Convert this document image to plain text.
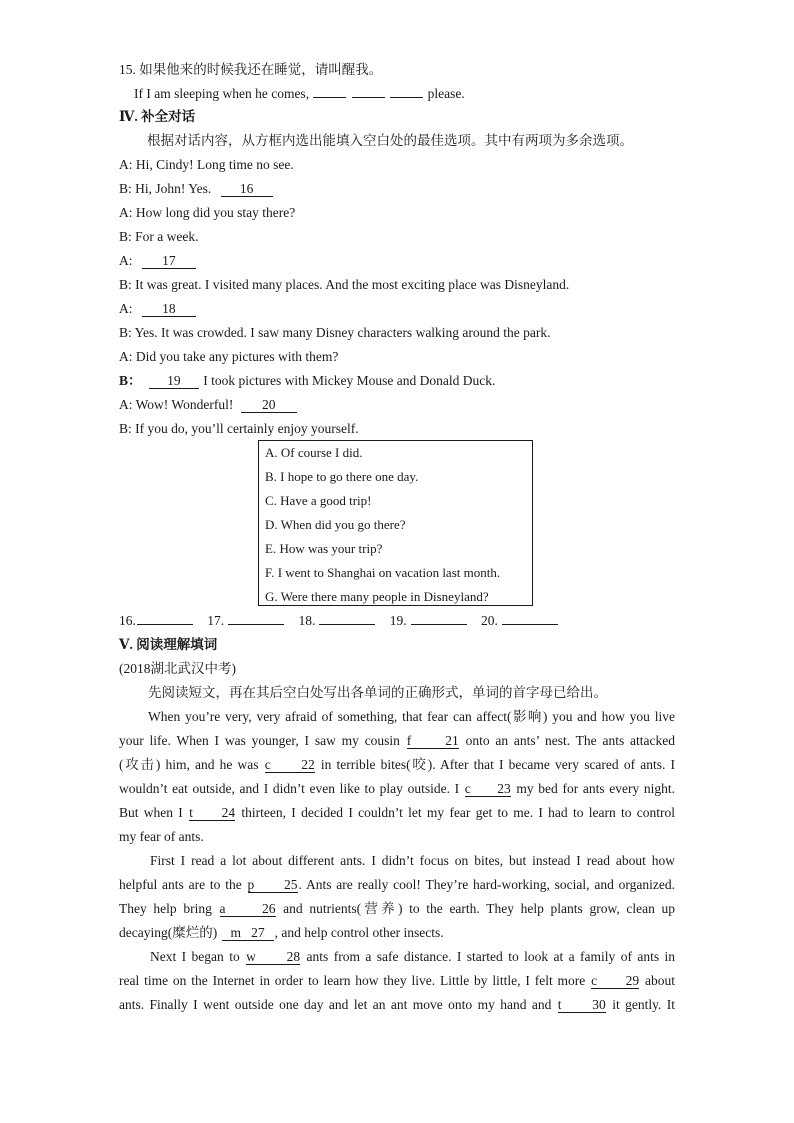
15. 如果他来的时候我还在睡觉，请叫醒我。
If I am sleeping when he comes,	please.
Ⅳ. 补全对话
根据对话内容，从方框内选出能填入空白处的最佳选项。其中有两项为多余选项。
A: Hi, Cindy! Long time no see.
B: Hi, John! Yes. 16
A: How long did you stay there?
B: For a week.
A: 17
B: It was great. I visited many places. And the most exciting place was Disneyland.
A: 18
B: Yes. It was crowded. I saw many Disney characters walking around the park.
A: Did you take any pictures with them?
B： 19 I took pictures with Mickey Mouse and Donald Duck.
A: Wow! Wonderful! 20
B: If you do, you’ll certainly enjoy yourself.
A. Of course I did.
B. I hope to go there one day.
C. Have a good trip!
D. When did you go there?
E. How was your trip?
F. I went to Shanghai on vacation last month.
G. Were there many people in Disneyland?
16.	17.	18.	19.	20.
Ⅴ. 阅读理解填词
(2018湖北武汉中考)
先阅读短文，再在其后空白处写出各单词的正确形式，单词的首字母已给出。
When you’re very, very afraid of something, that fear can affect(影响) you and how you live
your life. When I was younger, I saw my cousin f	21 onto an ants’ nest. The ants attacked
(攻击) him, and he was c 22 in terrible bites(咬). After that I became very scared of ants. I
wouldn’t eat outside, and I didn’t even like to play outside. I c 23 my bed for ants every night.
But when I t 24 thirteen, I decided I couldn’t let my fear get to me. I had to learn to control
my fear of ants.
First I read a lot about different ants. I didn’t focus on bites, but instead I read about how
helpful ants are to the p 25. Ants are really cool! They’re hard-working, social, and organized.
They help bring a	26 and nutrients(营养) to the earth. They help plants grow, clean up
decaying(糜烂的) m 27 , and help control other insects.
Next I began to w 28 ants from a safe distance. I started to look at a family of ants in
real time on the Internet in order to learn how they live. Little by little, I felt more c 29 about
ants. Finally I went outside one day and let an ant move onto my hand and t 30 it gently. It
